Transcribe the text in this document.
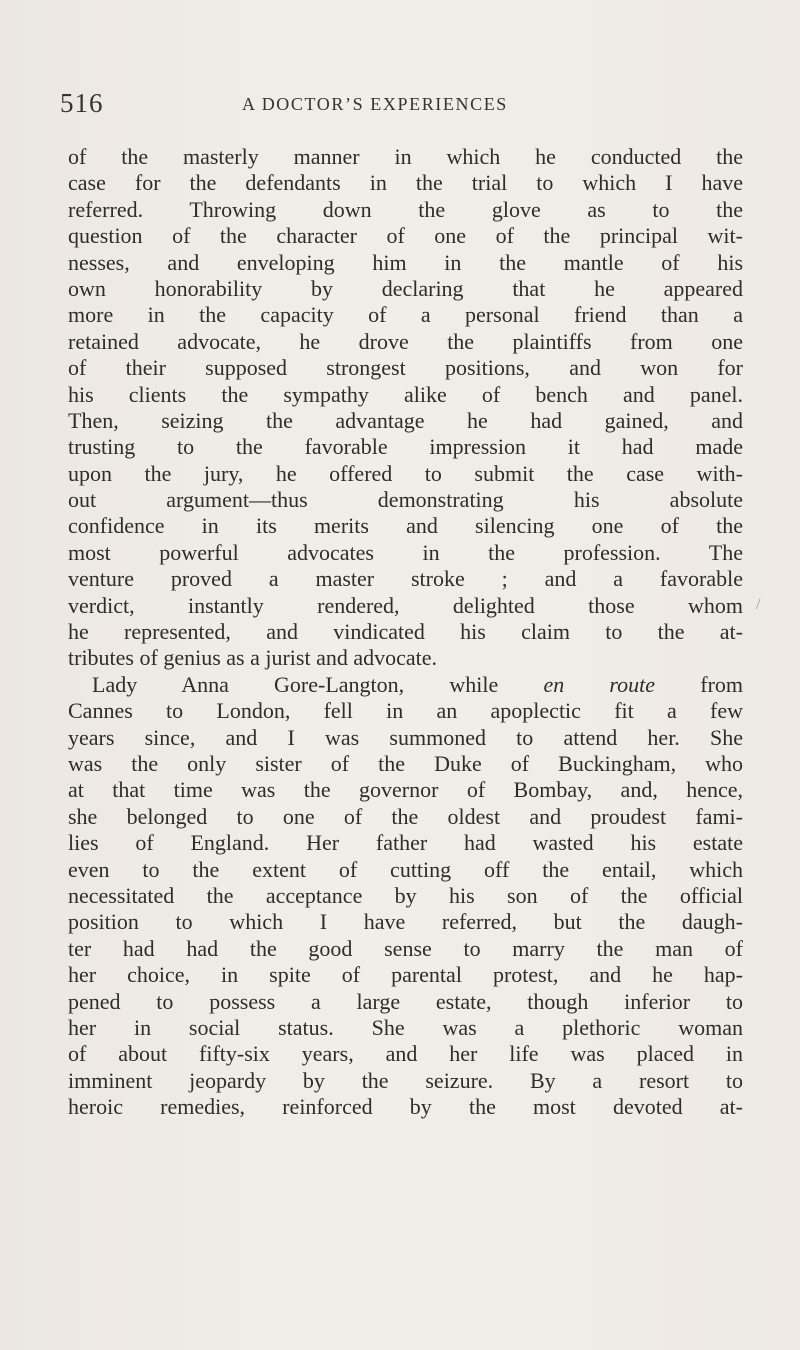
516	A DOCTOR’S EXPERIENCES
of the masterly manner in which he conducted the
case for the defendants in the trial to which I have
referred. Throwing down the glove as to the
question of the character of one of the principal wit-
nesses, and enveloping him in the mantle of his
own honorability by declaring that he appeared
more in the capacity of a personal friend than a
retained advocate, he drove the plaintiffs from one
of their supposed strongest positions, and won for
his clients the sympathy alike of bench and panel.
Then, seizing the advantage he had gained, and
trusting to the favorable impression it had made
upon the jury, he offered to submit the case with-
out argument—thus demonstrating his absolute
confidence in its merits and silencing one of the
most powerful advocates in the profession. The
venture proved a master stroke ; and a favorable
verdict, instantly rendered, delighted those whom
he represented, and vindicated his claim to the at-
tributes of genius as a jurist and advocate.
Lady Anna Gore-Langton, while en route from
Cannes to London, fell in an apoplectic fit a few
years since, and I was summoned to attend her. She
was the only sister of the Duke of Buckingham, who
at that time was the governor of Bombay, and, hence,
she belonged to one of the oldest and proudest fami-
lies of England. Her father had wasted his estate
even to the extent of cutting off the entail, which
necessitated the acceptance by his son of the official
position to which I have referred, but the daugh-
ter had had the good sense to marry the man of
her choice, in spite of parental protest, and he hap-
pened to possess a large estate, though inferior to
her in social status. She was a plethoric woman
of about fifty-six years, and her life was placed in
imminent jeopardy by the seizure. By a resort to
heroic remedies, reinforced by the most devoted at-
/
